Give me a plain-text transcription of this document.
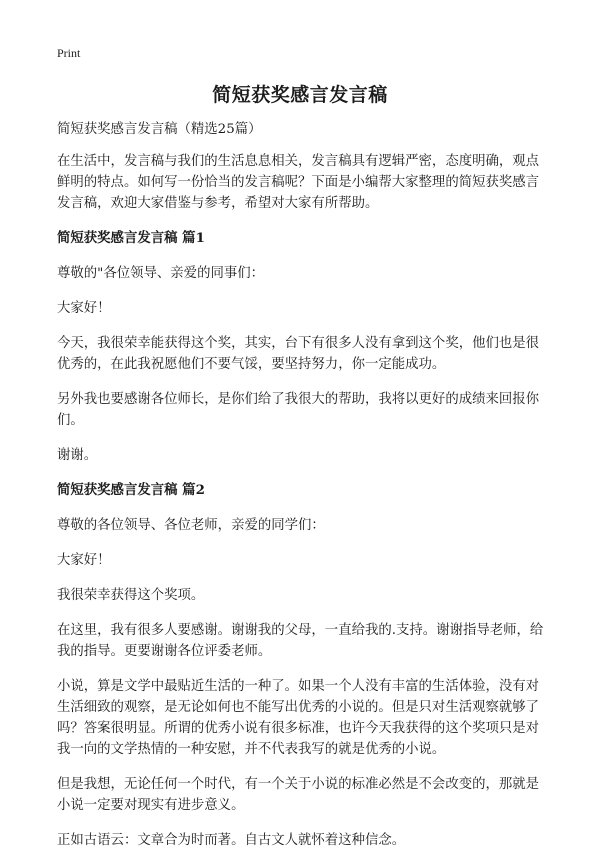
Print
简短获奖感言发言稿

简短获奖感言发言稿（精选25篇）

在生活中，发言稿与我们的生活息息相关，发言稿具有逻辑严密，态度明确，观点鲜明的特点。如何写一份恰当的发言稿呢？下面是小编帮大家整理的简短获奖感言发言稿，欢迎大家借鉴与参考，希望对大家有所帮助。

简短获奖感言发言稿 篇1

尊敬的"各位领导、亲爱的同事们：

大家好！

今天，我很荣幸能获得这个奖，其实，台下有很多人没有拿到这个奖，他们也是很优秀的，在此我祝愿他们不要气馁，要坚持努力，你一定能成功。

另外我也要感谢各位师长，是你们给了我很大的帮助，我将以更好的成绩来回报你们。

谢谢。

简短获奖感言发言稿 篇2

尊敬的各位领导、各位老师，亲爱的同学们：

大家好！

我很荣幸获得这个奖项。

在这里，我有很多人要感谢。谢谢我的父母，一直给我的.支持。谢谢指导老师，给我的指导。更要谢谢各位评委老师。

小说，算是文学中最贴近生活的一种了。如果一个人没有丰富的生活体验，没有对生活细致的观察，是无论如何也不能写出优秀的小说的。但是只对生活观察就够了吗？答案很明显。所谓的优秀小说有很多标准，也许今天我获得的这个奖项只是对我一向的文学热情的一种安慰，并不代表我写的就是优秀的小说。

但是我想，无论任何一个时代，有一个关于小说的标准必然是不会改变的，那就是小说一定要对现实有进步意义。

正如古语云：文章合为时而著。自古文人就怀着这种信念。
